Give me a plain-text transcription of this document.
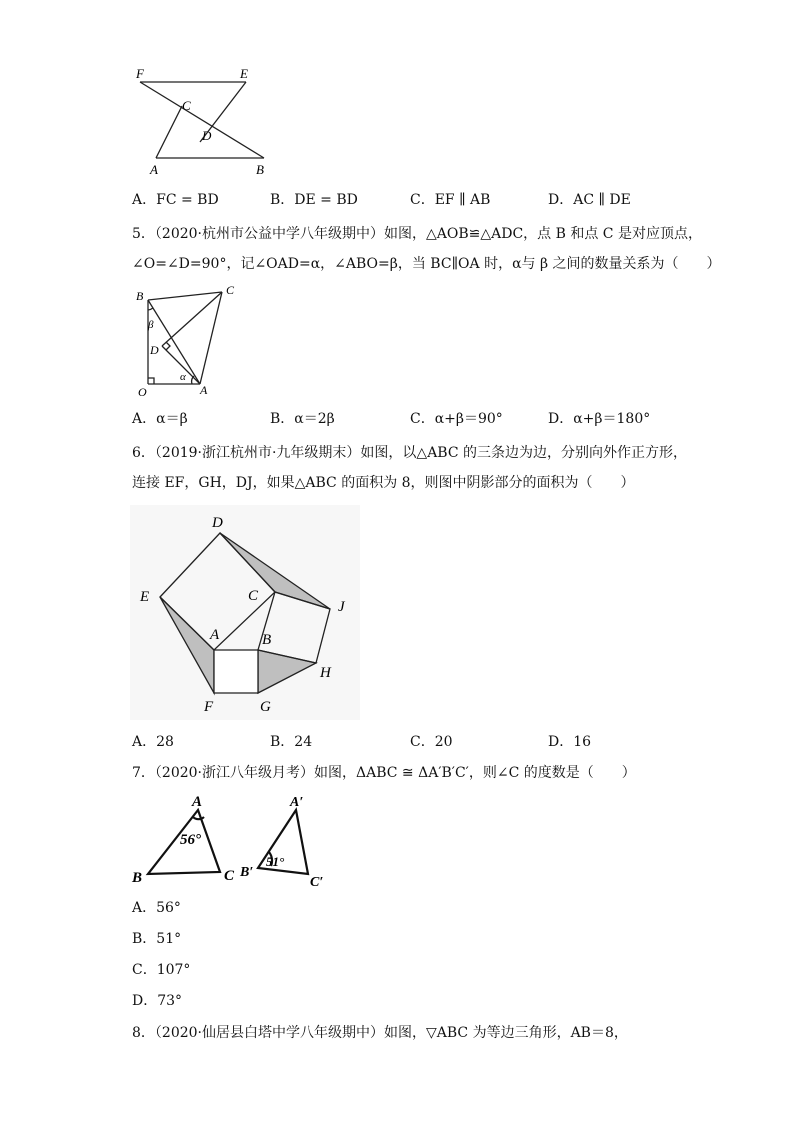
F	E
C
D
A	B
A．FC = BD	B．DE = BD	C．EF ∥ AB	D．AC ∥ DE
5．（2020·杭州市公益中学八年级期中）如图，△AOB≌△ADC，点 B 和点 C 是对应顶点，
∠O=∠D=90°，记∠OAD=α，∠ABO=β，当 BC∥OA 时，α与 β 之间的数量关系为（　　）
B	C
β
D
O
α
A
A．α＝β	B．α＝2β	C．α+β＝90°	D．α+β＝180°
6．（2019·浙江杭州市·九年级期末）如图，以△ABC 的三条边为边，分别向外作正方形，
连接 EF，GH，DJ，如果△ABC 的面积为 8，则图中阴影部分的面积为（　　）
D
E	C
J
A	B
H
F	G
A．28	B．24	C．20	D．16
7．（2020·浙江八年级月考）如图，ΔABC ≅ ΔA′B′C′，则∠C 的度数是（　　）
A
56°
B	C
A′
51°
B′
C′
A．56°
B．51°
C．107°
D．73°
8．（2020·仙居县白塔中学八年级期中）如图，▽ABC 为等边三角形，AB＝8，
